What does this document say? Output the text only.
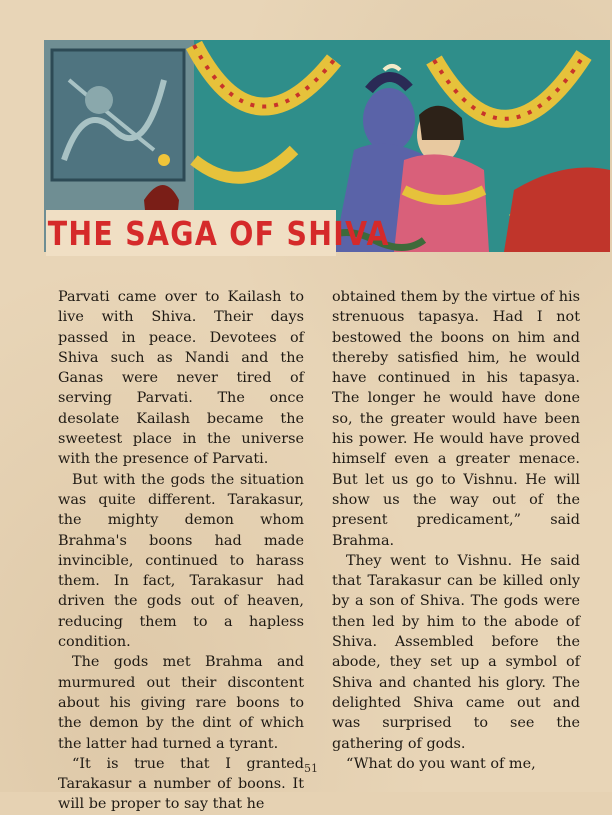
THE SAGA OF SHIVA

Parvati came over to Kailash to live with Shiva. Their days passed in peace. Devotees of Shiva such as Nandi and the Ganas were never tired of serving Parvati. The once desolate Kailash became the sweetest place in the universe with the presence of Parvati.

But with the gods the situation was quite different. Tarakasur, the mighty demon whom Brahma's boons had made invincible, continued to harass them. In fact, Tarakasur had driven the gods out of heaven, reducing them to a hapless condition.

The gods met Brahma and murmured out their discontent about his giving rare boons to the demon by the dint of which the latter had turned a tyrant.

“It is true that I granted Tarakasur a number of boons. It will be proper to say that he

obtained them by the virtue of his strenuous tapasya. Had I not bestowed the boons on him and thereby satisfied him, he would have continued in his tapasya. The longer he would have done so, the greater would have been his power. He would have proved himself even a greater menace. But let us go to Vishnu. He will show us the way out of the present predicament,” said Brahma.

They went to Vishnu. He said that Tarakasur can be killed only by a son of Shiva. The gods were then led by him to the abode of Shiva. Assembled before the abode, they set up a symbol of Shiva and chanted his glory. The delighted Shiva came out and was surprised to see the gathering of gods.

“What do you want of me,

51
